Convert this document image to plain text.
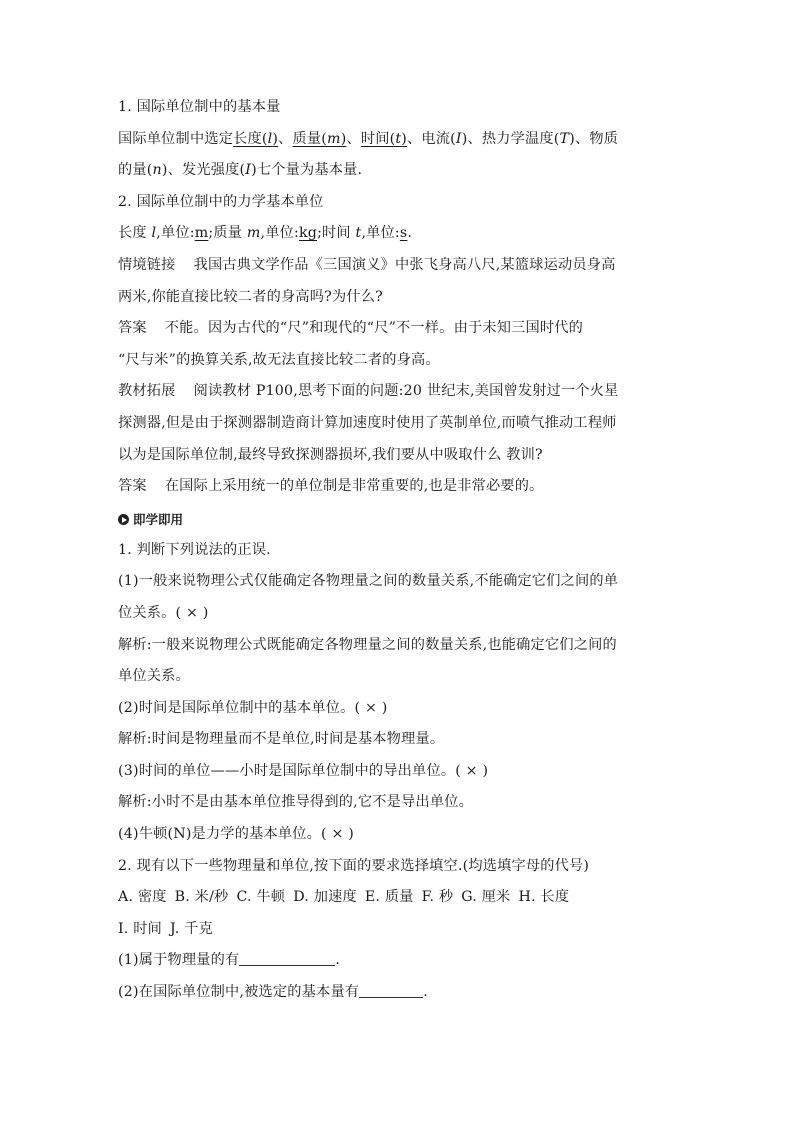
1. 国际单位制中的基本量
国际单位制中选定长度(l)、质量(m)、时间(t)、电流(I)、热力学温度(T)、物质
的量(n)、发光强度(I)七个量为基本量.
2. 国际单位制中的力学基本单位
长度 l,单位:m;质量 m,单位:kg;时间 t,单位:s.
情境链接 我国古典文学作品《三国演义》中张飞身高八尺,某篮球运动员身高
两米,你能直接比较二者的身高吗?为什么?
答案 不能。因为古代的“尺”和现代的“尺”不一样。由于未知三国时代的
“尺与米”的换算关系,故无法直接比较二者的身高。
教材拓展 阅读教材 P100,思考下面的问题:20 世纪末,美国曾发射过一个火星
探测器,但是由于探测器制造商计算加速度时使用了英制单位,而喷气推动工程师
以为是国际单位制,最终导致探测器损坏,我们要从中吸取什么 教训?
答案 在国际上采用统一的单位制是非常重要的,也是非常必要的。
即学即用
1. 判断下列说法的正误.
(1)一般来说物理公式仅能确定各物理量之间的数量关系,不能确定它们之间的单
位关系。( × )
解析:一般来说物理公式既能确定各物理量之间的数量关系,也能确定它们之间的
单位关系。
(2)时间是国际单位制中的基本单位。( × )
解析:时间是物理量而不是单位,时间是基本物理量。
(3)时间的单位——小时是国际单位制中的导出单位。( × )
解析:小时不是由基本单位推导得到的,它不是导出单位。
(4)牛顿(N)是力学的基本单位。( × )
2. 现有以下一些物理量和单位,按下面的要求选择填空.(均选填字母的代号)
A. 密度 B. 米/秒 C. 牛顿 D. 加速度 E. 质量 F. 秒 G. 厘米 H. 长度
I. 时间 J. 千克
(1)属于物理量的有	.
(2)在国际单位制中,被选定的基本量有	.
